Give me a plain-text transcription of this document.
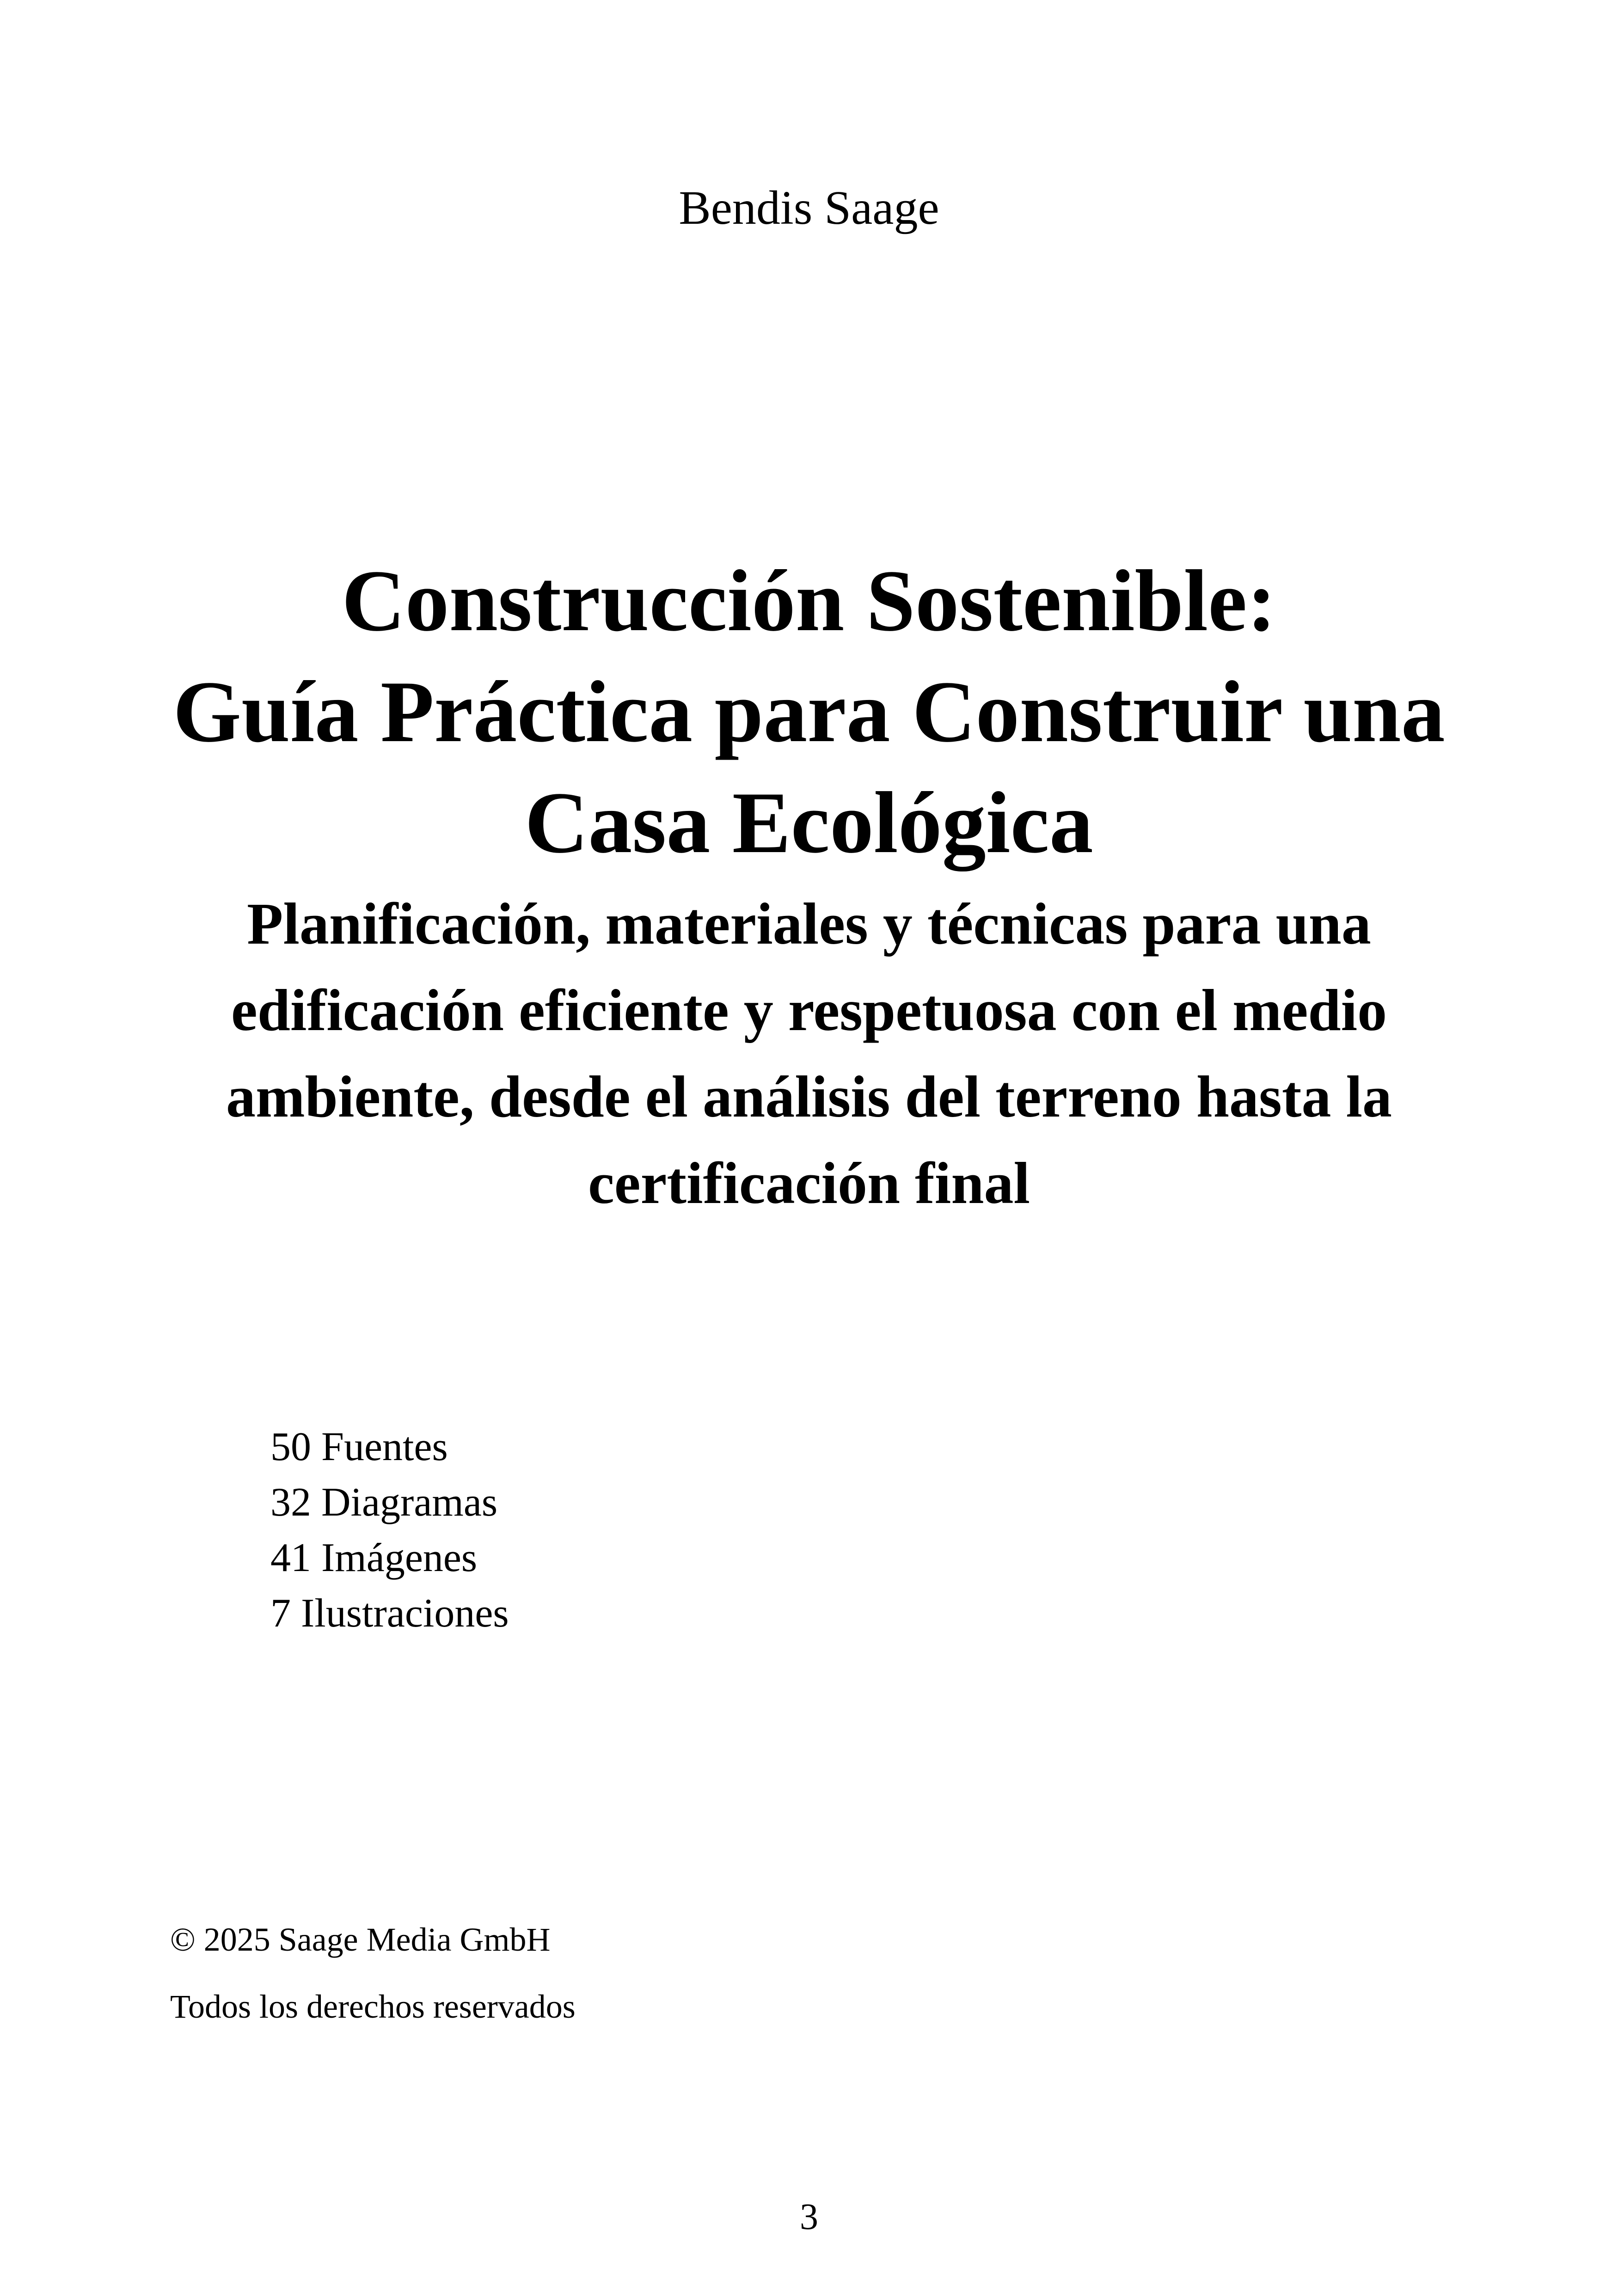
Bendis Saage
Construcción Sostenible:
Guía Práctica para Construir una
Casa Ecológica
Planificación, materiales y técnicas para una
edificación eficiente y respetuosa con el medio
ambiente, desde el análisis del terreno hasta la
certificación final
50 Fuentes
32 Diagramas
41 Imágenes
7 Ilustraciones
© 2025 Saage Media GmbH
Todos los derechos reservados
3
